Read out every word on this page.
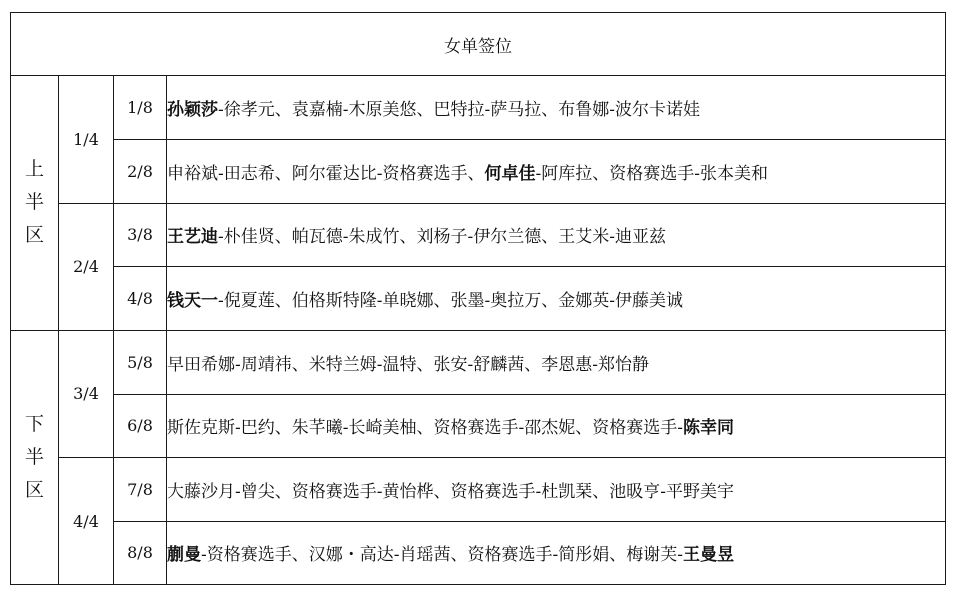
女单签位			
上
半
区	1/4	1/8	孙颖莎-徐孝元、袁嘉楠-木原美悠、巴特拉-萨马拉、布鲁娜-波尔卡诺娃
		2/8	申裕斌-田志希、阿尔霍达比-资格赛选手、何卓佳-阿库拉、资格赛选手-张本美和
	2/4	3/8	王艺迪-朴佳贤、帕瓦德-朱成竹、刘杨子-伊尔兰德、王艾米-迪亚兹
		4/8	钱天一-倪夏莲、伯格斯特隆-单晓娜、张墨-奥拉万、金娜英-伊藤美诚
下
半
区	3/4	5/8	早田希娜-周靖祎、米特兰姆-温特、张安-舒麟茜、李恩惠-郑怡静
		6/8	斯佐克斯-巴约、朱芊曦-长崎美柚、资格赛选手-邵杰妮、资格赛选手-陈幸同
	4/4	7/8	大藤沙月-曾尖、资格赛选手-黄怡桦、资格赛选手-杜凯琹、池昅亨-平野美宇
		8/8	蒯曼-资格赛选手、汉娜・高达-肖瑶茜、资格赛选手-简彤娟、梅谢芙-王曼昱
